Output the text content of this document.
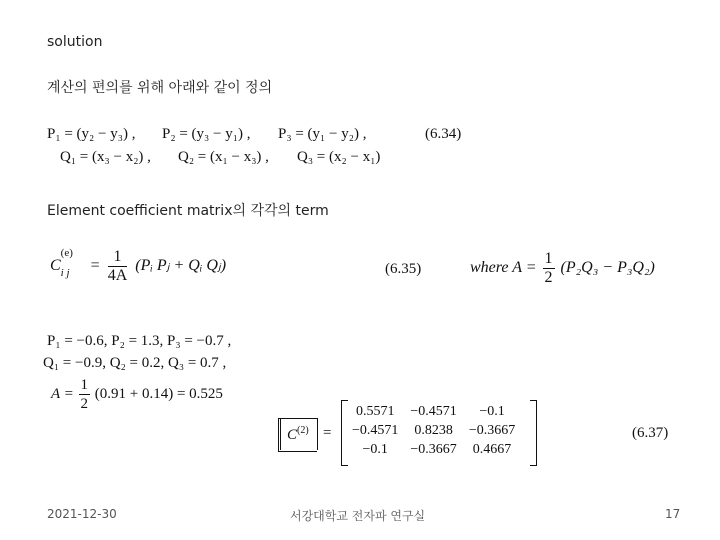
solution
계산의 편의를 위해 아래와 같이 정의
P₁ = (y₂ − y₃) , P₂ = (y₃ − y₁) , P₃ = (y₁ − y₂) ,	(6.34)
Q₁ = (x₃ − x₂) , Q₂ = (x₁ − x₃) , Q₃ = (x₂ − x₁)
Element coefficient matrix의 각각의 term
C
(e)
i $j = \frac{1}{4A}$ (Pᵢ Pⱼ + Qᵢ Qⱼ)	(6.35)	where $A = \frac{1}{2} (P_2Q_3 - P_3Q_2)$
P₁ = −0.6, P₂ = 1.3, P₃ = −0.7 ,
Q₁ = −0.9, Q₂ = 0.2, Q₃ = 0.7 ,
$A = \frac{1}{2} (0.91 + 0.14) = 0.525$
$C^{(2)}$ =
0.5571	−0.4571	−0.1
−0.4571	0.8238	−0.3667
−0.1	−0.3667	0.4667
(6.37)
2021-12-30	서강대학교 전자파 연구실	17
